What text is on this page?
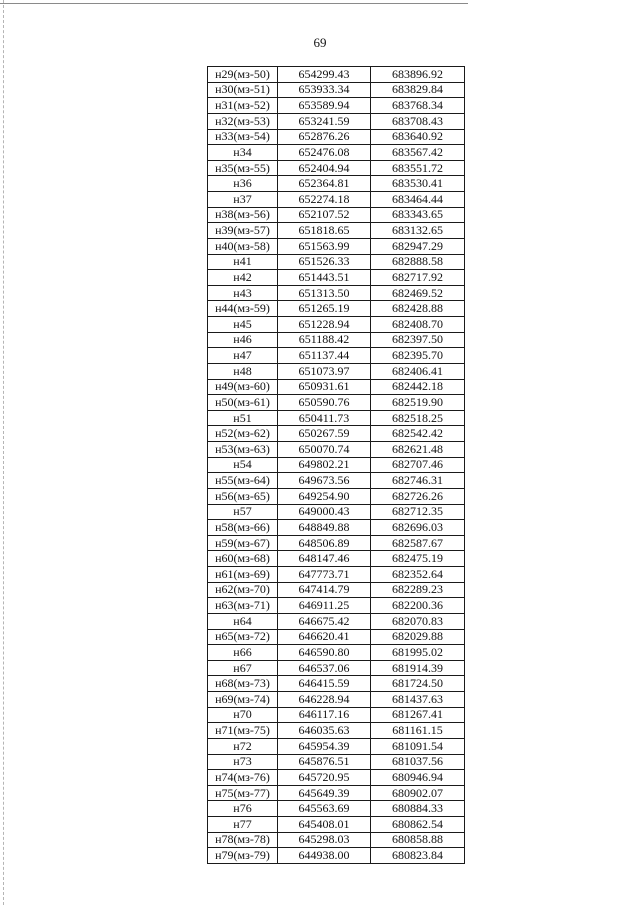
69
н29(мз-50)	654299.43	683896.92
н30(мз-51)	653933.34	683829.84
н31(мз-52)	653589.94	683768.34
н32(мз-53)	653241.59	683708.43
н33(мз-54)	652876.26	683640.92
н34	652476.08	683567.42
н35(мз-55)	652404.94	683551.72
н36	652364.81	683530.41
н37	652274.18	683464.44
н38(мз-56)	652107.52	683343.65
н39(мз-57)	651818.65	683132.65
н40(мз-58)	651563.99	682947.29
н41	651526.33	682888.58
н42	651443.51	682717.92
н43	651313.50	682469.52
н44(мз-59)	651265.19	682428.88
н45	651228.94	682408.70
н46	651188.42	682397.50
н47	651137.44	682395.70
н48	651073.97	682406.41
н49(мз-60)	650931.61	682442.18
н50(мз-61)	650590.76	682519.90
н51	650411.73	682518.25
н52(мз-62)	650267.59	682542.42
н53(мз-63)	650070.74	682621.48
н54	649802.21	682707.46
н55(мз-64)	649673.56	682746.31
н56(мз-65)	649254.90	682726.26
н57	649000.43	682712.35
н58(мз-66)	648849.88	682696.03
н59(мз-67)	648506.89	682587.67
н60(мз-68)	648147.46	682475.19
н61(мз-69)	647773.71	682352.64
н62(мз-70)	647414.79	682289.23
н63(мз-71)	646911.25	682200.36
н64	646675.42	682070.83
н65(мз-72)	646620.41	682029.88
н66	646590.80	681995.02
н67	646537.06	681914.39
н68(мз-73)	646415.59	681724.50
н69(мз-74)	646228.94	681437.63
н70	646117.16	681267.41
н71(мз-75)	646035.63	681161.15
н72	645954.39	681091.54
н73	645876.51	681037.56
н74(мз-76)	645720.95	680946.94
н75(мз-77)	645649.39	680902.07
н76	645563.69	680884.33
н77	645408.01	680862.54
н78(мз-78)	645298.03	680858.88
н79(мз-79)	644938.00	680823.84
